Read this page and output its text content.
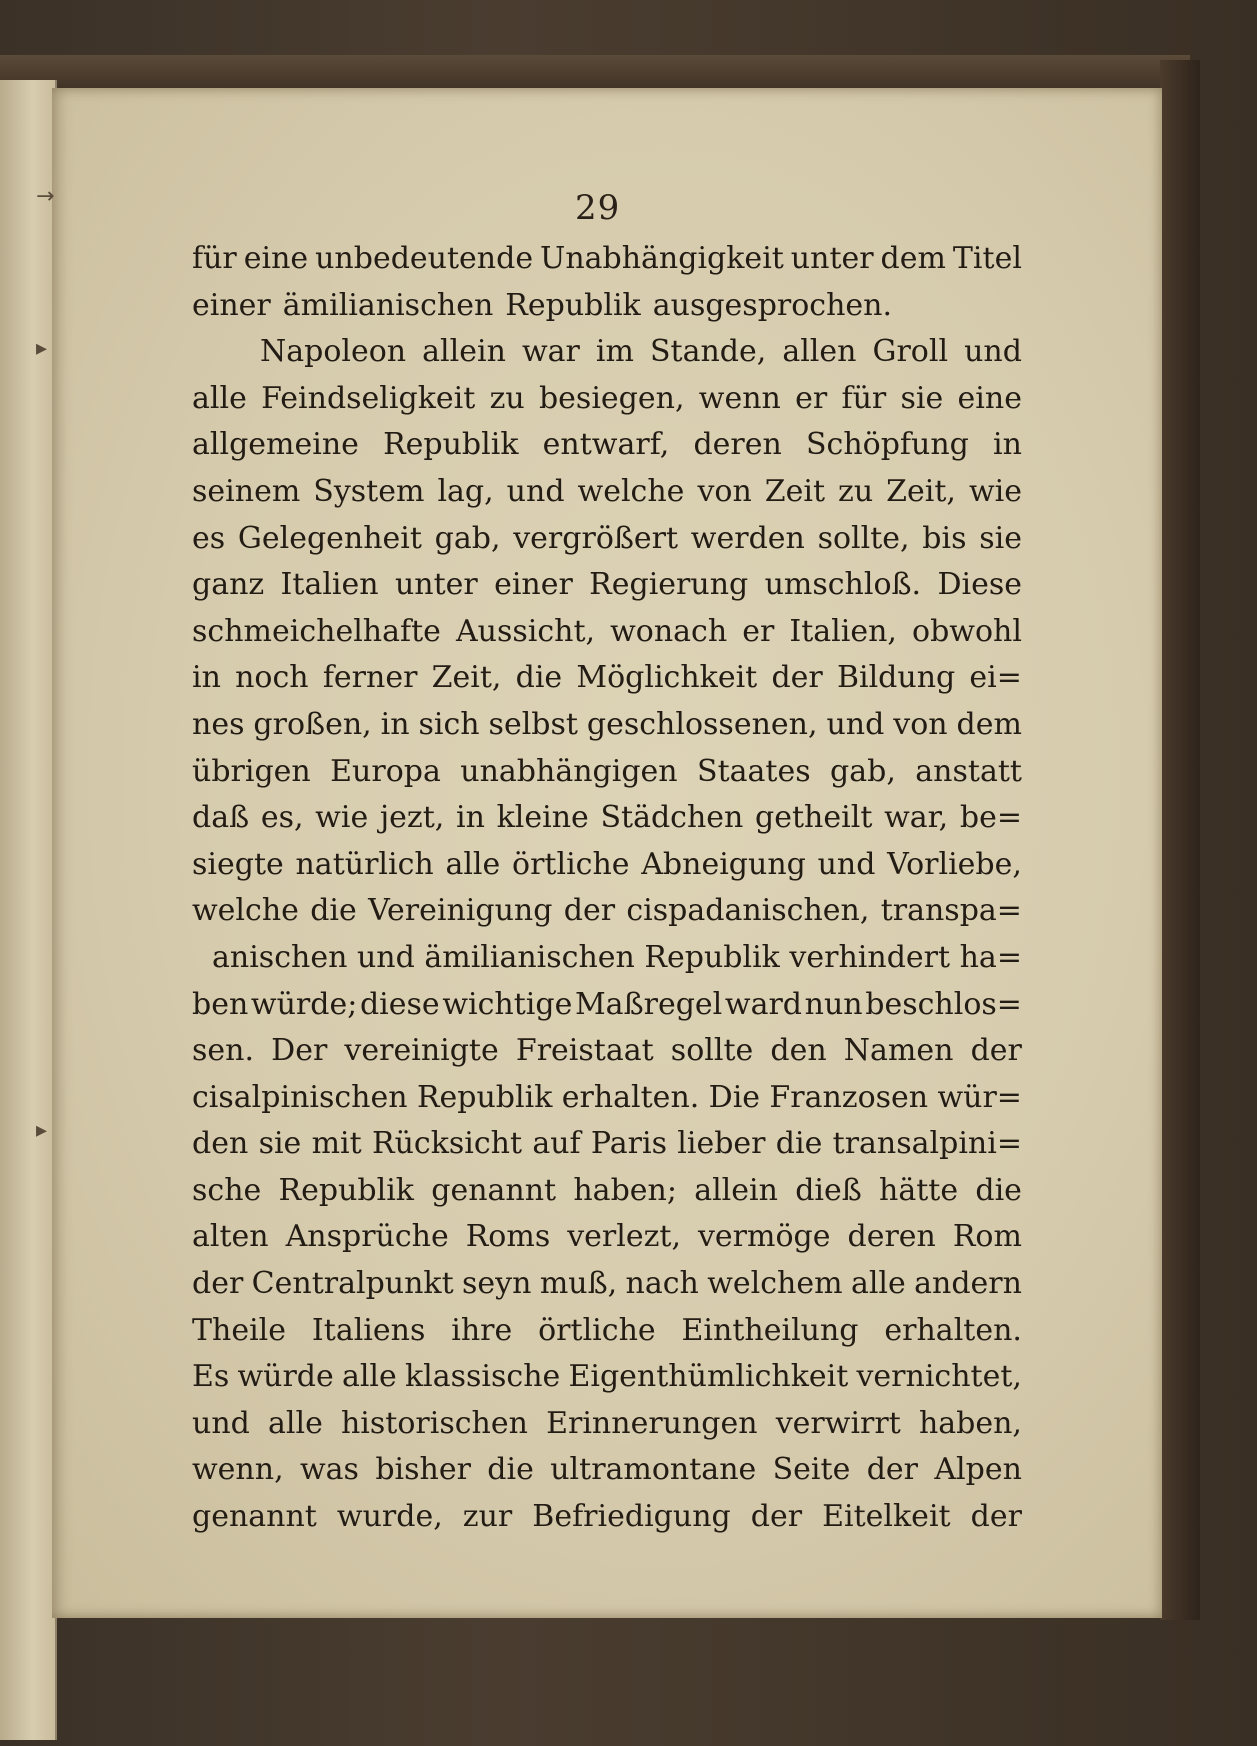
→
▸
▸
29
für eine unbedeutende Unabhängigkeit unter dem Titel
einer ämilianischen Republik ausgesprochen.
Napoleon allein war im Stande, allen Groll und
alle Feindseligkeit zu besiegen, wenn er für sie eine
allgemeine Republik entwarf, deren Schöpfung in
seinem System lag, und welche von Zeit zu Zeit, wie
es Gelegenheit gab, vergrößert werden sollte, bis sie
ganz Italien unter einer Regierung umschloß. Diese
schmeichelhafte Aussicht, wonach er Italien, obwohl
in noch ferner Zeit, die Möglichkeit der Bildung ei=
nes großen, in sich selbst geschlossenen, und von dem
übrigen Europa unabhängigen Staates gab, anstatt
daß es, wie jezt, in kleine Städchen getheilt war, be=
siegte natürlich alle örtliche Abneigung und Vorliebe,
welche die Vereinigung der cispadanischen, transpa=
anischen und ämilianischen Republik verhindert ha=
ben würde; diese wichtige Maßregel ward nun beschlos=
sen. Der vereinigte Freistaat sollte den Namen der
cisalpinischen Republik erhalten. Die Franzosen wür=
den sie mit Rücksicht auf Paris lieber die transalpini=
sche Republik genannt haben; allein dieß hätte die
alten Ansprüche Roms verlezt, vermöge deren Rom
der Centralpunkt seyn muß, nach welchem alle andern
Theile Italiens ihre örtliche Eintheilung erhalten.
Es würde alle klassische Eigenthümlichkeit vernichtet,
und alle historischen Erinnerungen verwirrt haben,
wenn, was bisher die ultramontane Seite der Alpen
genannt wurde, zur Befriedigung der Eitelkeit der
